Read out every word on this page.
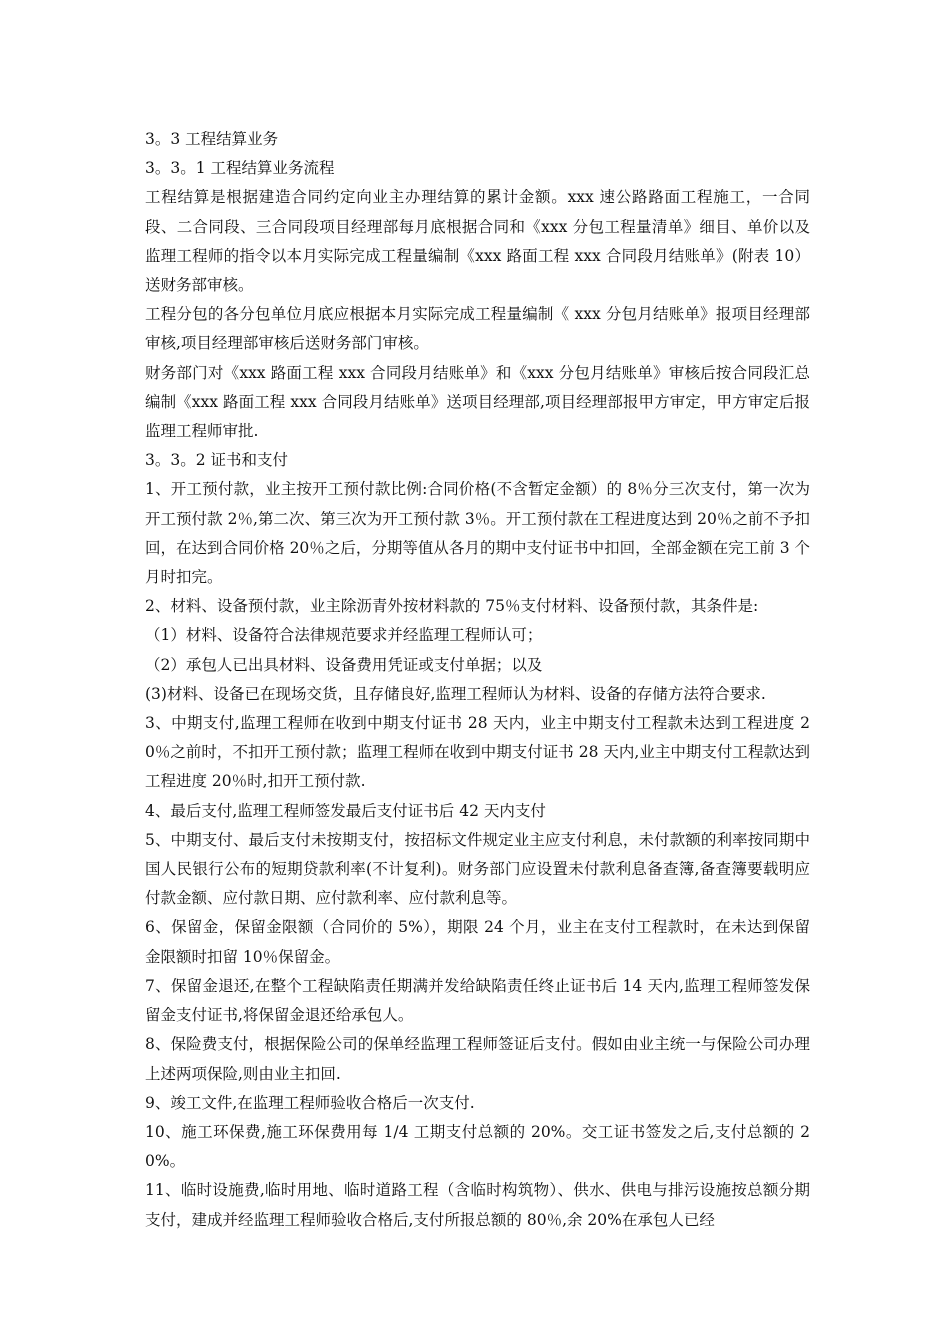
3。3 工程结算业务

3。3。1 工程结算业务流程

工程结算是根据建造合同约定向业主办理结算的累计金额。xxx 速公路路面工程施工，一合同段、二合同段、三合同段项目经理部每月底根据合同和《xxx 分包工程量清单》细目、单价以及监理工程师的指令以本月实际完成工程量编制《xxx 路面工程 xxx 合同段月结账单》(附表 10）送财务部审核。

工程分包的各分包单位月底应根据本月实际完成工程量编制《 xxx 分包月结账单》报项目经理部审核,项目经理部审核后送财务部门审核。

财务部门对《xxx 路面工程 xxx 合同段月结账单》和《xxx 分包月结账单》审核后按合同段汇总编制《xxx 路面工程 xxx 合同段月结账单》送项目经理部,项目经理部报甲方审定，甲方审定后报监理工程师审批.

3。3。2 证书和支付

1、开工预付款，业主按开工预付款比例:合同价格(不含暂定金额）的 8％分三次支付，第一次为开工预付款 2％,第二次、第三次为开工预付款 3％。开工预付款在工程进度达到 20％之前不予扣回，在达到合同价格 20％之后，分期等值从各月的期中支付证书中扣回，全部金额在完工前 3 个月时扣完。

2、材料、设备预付款，业主除沥青外按材料款的 75％支付材料、设备预付款，其条件是:

（1）材料、设备符合法律规范要求并经监理工程师认可；

（2）承包人已出具材料、设备费用凭证或支付单据；以及

(3)材料、设备已在现场交货，且存储良好,监理工程师认为材料、设备的存储方法符合要求.

3、中期支付,监理工程师在收到中期支付证书 28 天内，业主中期支付工程款未达到工程进度 20％之前时，不扣开工预付款；监理工程师在收到中期支付证书 28 天内,业主中期支付工程款达到工程进度 20％时,扣开工预付款.

4、最后支付,监理工程师签发最后支付证书后 42 天内支付

5、中期支付、最后支付未按期支付，按招标文件规定业主应支付利息，未付款额的利率按同期中国人民银行公布的短期贷款利率(不计复利)。财务部门应设置未付款利息备查簿,备查簿要载明应付款金额、应付款日期、应付款利率、应付款利息等。

6、保留金，保留金限额（合同价的 5%），期限 24 个月，业主在支付工程款时，在未达到保留金限额时扣留 10％保留金。

7、保留金退还,在整个工程缺陷责任期满并发给缺陷责任终止证书后 14 天内,监理工程师签发保留金支付证书,将保留金退还给承包人。

8、保险费支付，根据保险公司的保单经监理工程师签证后支付。假如由业主统一与保险公司办理上述两项保险,则由业主扣回.

9、竣工文件,在监理工程师验收合格后一次支付.

10、施工环保费,施工环保费用每 1/4 工期支付总额的 20%。交工证书签发之后,支付总额的 20%。

11、临时设施费,临时用地、临时道路工程（含临时构筑物）、供水、供电与排污设施按总额分期支付，建成并经监理工程师验收合格后,支付所报总额的 80％,余 20%在承包人已经
